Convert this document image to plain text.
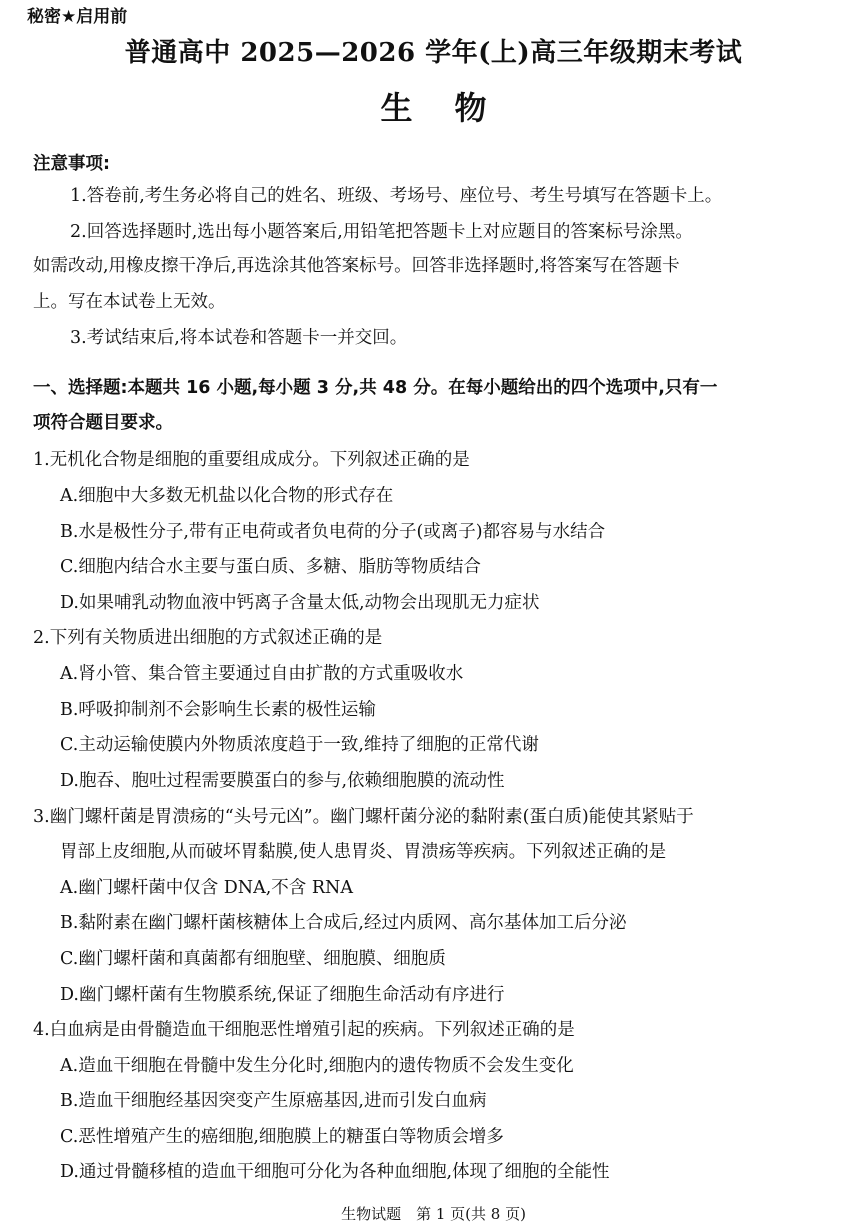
秘密★启用前
普通高中 2025—2026 学年(上)高三年级期末考试
生物
注意事项:
1.答卷前,考生务必将自己的姓名、班级、考场号、座位号、考生号填写在答题卡上。
2.回答选择题时,选出每小题答案后,用铅笔把答题卡上对应题目的答案标号涂黑。
如需改动,用橡皮擦干净后,再选涂其他答案标号。回答非选择题时,将答案写在答题卡
上。写在本试卷上无效。
3.考试结束后,将本试卷和答题卡一并交回。
一、选择题:本题共 16 小题,每小题 3 分,共 48 分。在每小题给出的四个选项中,只有一
项符合题目要求。
1.无机化合物是细胞的重要组成成分。下列叙述正确的是
A.细胞中大多数无机盐以化合物的形式存在
B.水是极性分子,带有正电荷或者负电荷的分子(或离子)都容易与水结合
C.细胞内结合水主要与蛋白质、多糖、脂肪等物质结合
D.如果哺乳动物血液中钙离子含量太低,动物会出现肌无力症状
2.下列有关物质进出细胞的方式叙述正确的是
A.肾小管、集合管主要通过自由扩散的方式重吸收水
B.呼吸抑制剂不会影响生长素的极性运输
C.主动运输使膜内外物质浓度趋于一致,维持了细胞的正常代谢
D.胞吞、胞吐过程需要膜蛋白的参与,依赖细胞膜的流动性
3.幽门螺杆菌是胃溃疡的“头号元凶”。幽门螺杆菌分泌的黏附素(蛋白质)能使其紧贴于
胃部上皮细胞,从而破坏胃黏膜,使人患胃炎、胃溃疡等疾病。下列叙述正确的是
A.幽门螺杆菌中仅含 DNA,不含 RNA
B.黏附素在幽门螺杆菌核糖体上合成后,经过内质网、高尔基体加工后分泌
C.幽门螺杆菌和真菌都有细胞壁、细胞膜、细胞质
D.幽门螺杆菌有生物膜系统,保证了细胞生命活动有序进行
4.白血病是由骨髓造血干细胞恶性增殖引起的疾病。下列叙述正确的是
A.造血干细胞在骨髓中发生分化时,细胞内的遗传物质不会发生变化
B.造血干细胞经基因突变产生原癌基因,进而引发白血病
C.恶性增殖产生的癌细胞,细胞膜上的糖蛋白等物质会增多
D.通过骨髓移植的造血干细胞可分化为各种血细胞,体现了细胞的全能性
生物试题　第 1 页(共 8 页)
